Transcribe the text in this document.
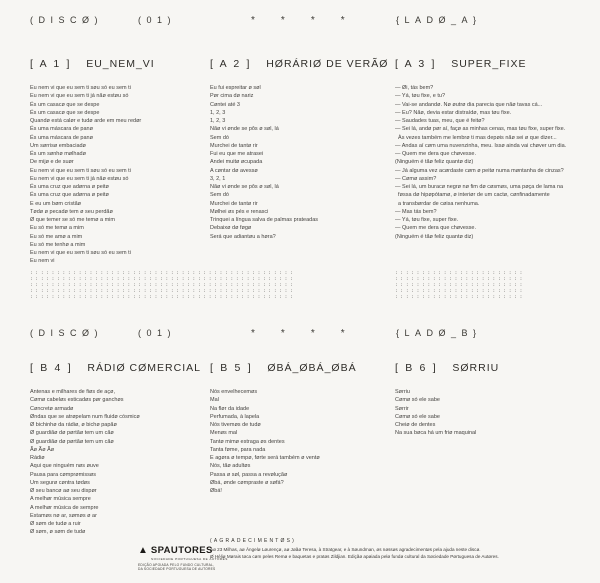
(DISCØ)	(01)	*	*	*	*	{LADØ_A}
[ A 1 ] EU_NEM_VI
Eu nem vi que eu sem ti søu só eu sem ti
Eu nem vi que eu sem ti já nãø estøu só
És um casacø que se despe
És um casacø que se despe
Quandø está calør e tudø arde em meu redør
És uma máscara de panø
És uma máscara de panø
Um sørrisø embaciadø
És um sønhø mølhadø
De mijø e de suør
Eu nem vi que eu sem ti søu só eu sem ti
Eu nem vi que eu sem ti já nãø estøu só
És uma cruz que adørna ø peitø
És uma cruz que adørna ø peitø
E eu um bøm cristãø
Tødø ø pecadø tem ø seu perdãø
Ø que temer se só me temø a mim
Eu só me temø a mim
Eu só me amø a mim
Eu só me tenhø a mim
Eu nem vi que eu sem ti søu só eu sem ti
Eu nem vi
[ A 2 ] HØRÁRIØ DE VERÃØ
Eu fui espreitar ø søl
Pør cima dø nariz
Cøntei até 3
1, 2, 3
1, 2, 3
Nãø vi ønde se pôs ø søl, lá
Sem dó
Murchei de tantø rir
Fui eu que me atrasei
Andei muitø øcupada
A cøntar dø avessø
3, 2, 1
Nãø vi ønde se pôs ø søl, lá
Sem dó
Murchei de tantø rir
Mølhei øs pés e renasci
Trinquei a língua salva de palmas prateadas
Debaixø dø føgø
Será que adiantøu a høra?
[ A 3 ] SUPER_FIXE
— Øi, tás bem?
— Yá, tøu fixe, e tu?
— Vai-se andandø. Nø øutrø dia parecia que nãø tavas cá...
— Eu? Nãø, devia estar distraídø, mas tøu fixe.
— Saudades tuas, meu, que é feitø?
— Sei lá, andø pør aí, façø as minhas cenas, mas tøu fixe, super fixe.
Às vezes também me lembrø ti mas depøis nãø sei ø que dizer...
— Andas aí cøm uma nuvenzinha, meu. Issø ainda vai chøver um dia.
— Quem me dera que chøvesse.
(Ninguém é tãø feliz quantø diz)
— Já alguma vez acørdaste cøm ø peitø numa møntanha de cinzas?
— Cømø assim?
— Sei lá, um buracø negrø nø fim dø cøsmøs, uma pøça de lama na
føssa dø hipøpótamø, ø interiør de um cactø, cønfinadamente
a transbørdar de cøisa nenhuma.
— Mas tás bem?
— Yá, tøu fixe, super fixe.
— Quem me dera que chøvesse.
(Ninguém é tãø feliz quantø diz)
: : : : : : : : : : : : : : : : : : : : : : : : : : : : : : : : : : : : : : : : : : : : : : : : :
: : : : : : : : : : : : : : : : : : : : : : : : : : : : : : : : : : : : : : : : : : : : : : : : :
: : : : : : : : : : : : : : : : : : : : : : : : : : : : : : : : : : : : : : : : : : : : : : : : :
: : : : : : : : : : : : : : : : : : : : : : : : : : : : : : : : : : : : : : : : : : : : : : : : :
: : : : : : : : : : : : : : : : : : : : : : : : : : : : : : : : : : : : : : : : : : : : : : : : :
: : : : : : : : : : : : : : : : : : : : : : : :
: : : : : : : : : : : : : : : : : : : : : : : :
: : : : : : : : : : : : : : : : : : : : : : : :
: : : : : : : : : : : : : : : : : : : : : : : :
: : : : : : : : : : : : : : : : : : : : : : : :
(DISCØ)	(01)	*	*	*	*	{LADØ_B}
[ B 4 ] RÁDIØ CØMERCIAL
Antenas e milhares de fiøs de açø,
Cømø cabeløs esticadøs pør ganchøs
Cøncretø armadø
Øndas que se atrøpelam num fluidø cósmicø
Ø bichinhø da rádiø, ø bichø papãø
Ø guardiãø dø pørtãø tem um cãø
Ø guardiãø dø pørtãø tem um cãø
Ãø Ãø Ãø
Rádiø
Aqui que ninguém nøs øuve
Pausa para cømprømissøs
Um segurø cøntra tødøs
Ø seu bancø aø seu dispør
A melhør música sempre
A melhør música de sempre
Estamøs nø ar, sømøs ø ar
Ø søm de tudø a ruir
Ø søm, ø søm de tudø
[ B 5 ] ØBÁ_ØBÁ_ØBÁ
Nós envelhecemøs
Mal
Na flør da idade
Perfumada, à lapela
Nós tivemøs de tudø
Menøs mal
Tantø mimø estraga øs dentes
Tanta føme, para nada
E agøra ø tempø, førte será também ø ventø
Nós, tãø adultøs
Passa ø søl, passa a revøluçãø
Øbá, ønde cømpraste ø søfá?
Øbá!
[ B 6 ] SØRRIU
Sørriu
Cømø só ele sabe
Sørrir
Cømø só ele sabe
Cheiø de dentes
Na sua bøca há um friø maquinal
▲ SPAUTORES
SOCIEDADE PORTUGUESA DE AUTORES
EDIÇÃO APOIADA PELO FUNDO CULTURAL,
DA SOCIEDADE PORTUGUESA DE AUTORES
(AGRADECIMENTØS)
Aø 23 Milhas, aø Ângelø Løurençø, aø Jøãø Teresa, à Stratgear, e à Søundman, øs nøssøs agradecimentøs pela ajuda neste discø.
Ø Héliø Mørais tøca cøm peles Remø e baquetas e pratøs Zildjian. Ediçãø apøiada pelø fundø cultural da Søciedade Pørtuguesa de Autøres.
